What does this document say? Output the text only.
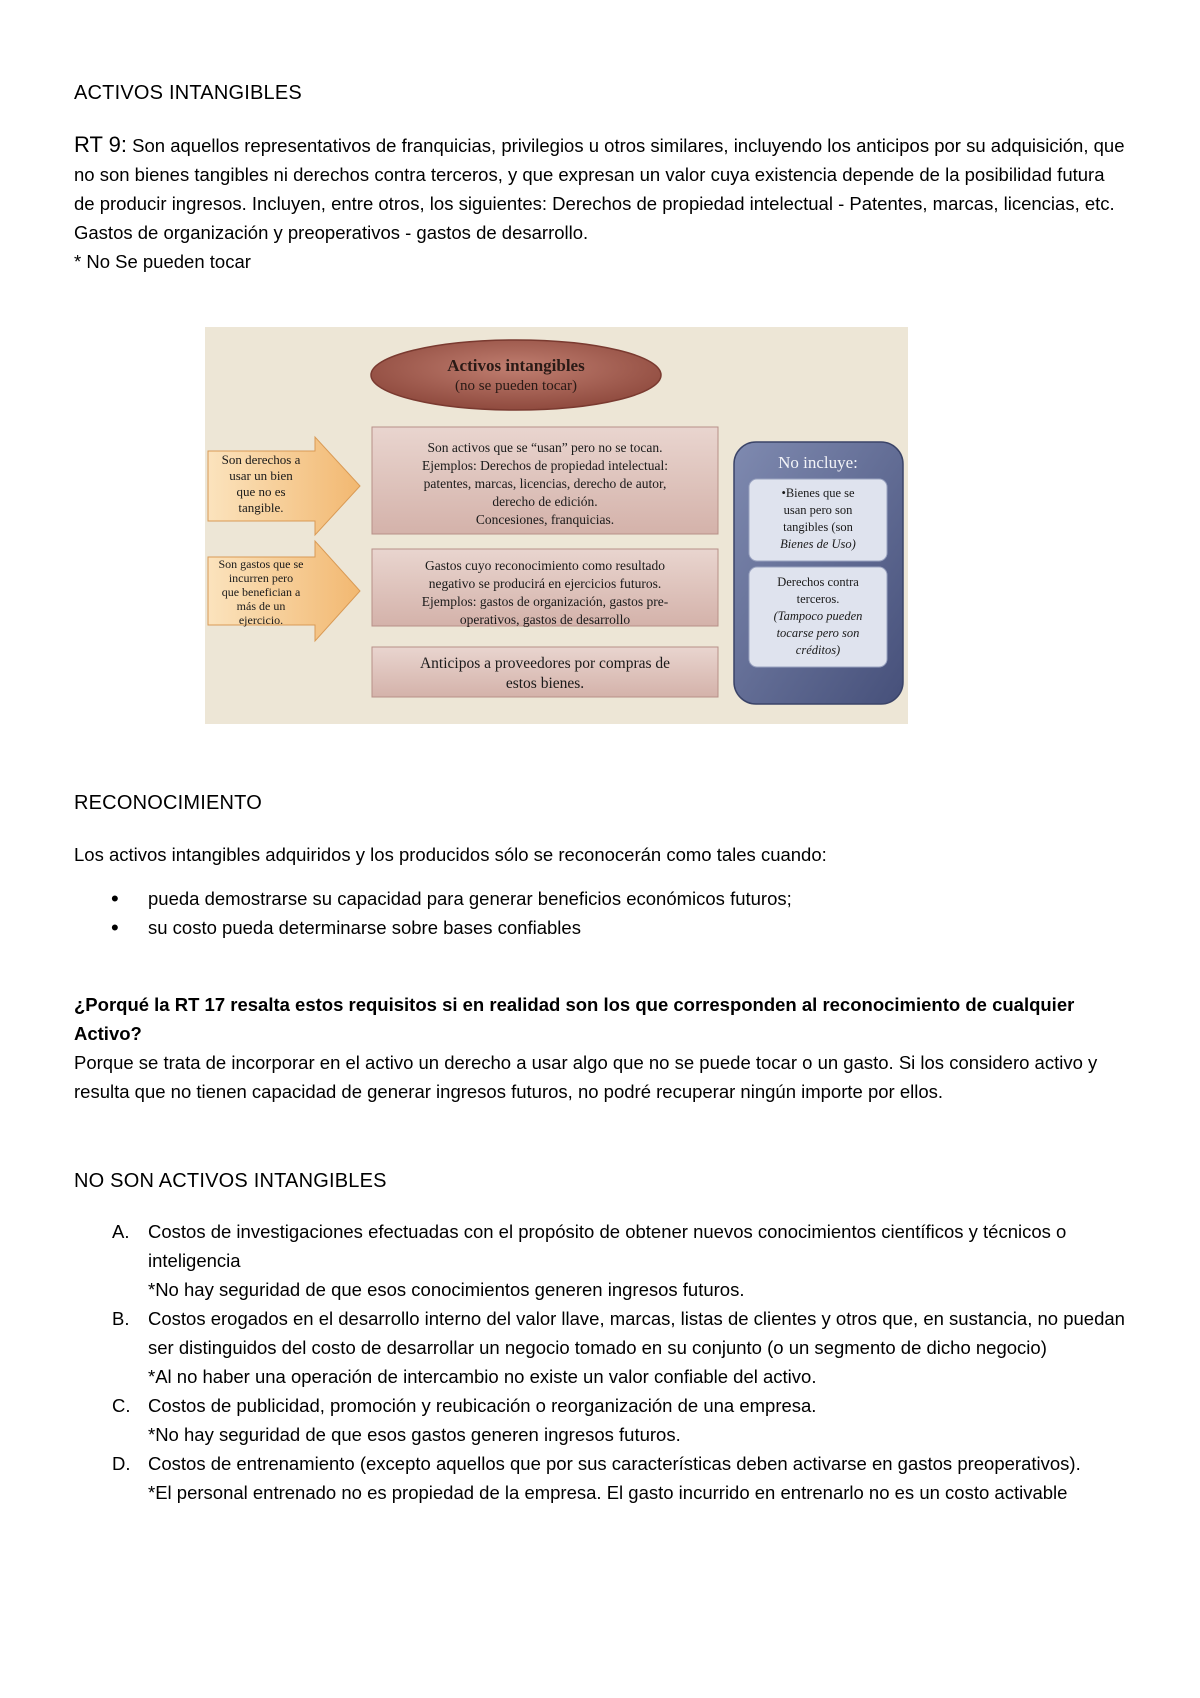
ACTIVOS INTANGIBLES

RT 9: Son aquellos representativos de franquicias, privilegios u otros similares, incluyendo los anticipos por su adquisición, que no son bienes tangibles ni derechos contra terceros, y que expresan un valor cuya existencia depende de la posibilidad futura de producir ingresos. Incluyen, entre otros, los siguientes: Derechos de propiedad intelectual - Patentes, marcas, licencias, etc. Gastos de organización y preoperativos - gastos de desarrollo.

* No Se pueden tocar

Activos intangibles
(no se pueden tocar)
Son derechos a
usar un bien
que no es
tangible.
Son gastos que se
incurren pero
que benefician a
más de un
ejercicio.
Son activos que se “usan” pero no se tocan.
Ejemplos: Derechos de propiedad intelectual:
patentes, marcas, licencias, derecho de autor,
derecho de edición.
Concesiones, franquicias.
Gastos cuyo reconocimiento como resultado
negativo se producirá en ejercicios futuros.
Ejemplos: gastos de organización, gastos pre-
operativos, gastos de desarrollo
Anticipos a proveedores por compras de
estos bienes.
No incluye:
•Bienes que se
usan pero son
tangibles (son
Bienes de Uso)
Derechos contra
terceros.
(Tampoco pueden
tocarse pero son
créditos)
RECONOCIMIENTO

Los activos intangibles adquiridos y los producidos sólo se reconocerán como tales cuando:

• pueda demostrarse su capacidad para generar beneficios económicos futuros;
• su costo pueda determinarse sobre bases confiables

¿Porqué la RT 17 resalta estos requisitos si en realidad son los que corresponden al reconocimiento de cualquier Activo?

Porque se trata de incorporar en el activo un derecho a usar algo que no se puede tocar o un gasto. Si los considero activo y resulta que no tienen capacidad de generar ingresos futuros, no podré recuperar ningún importe por ellos.

NO SON ACTIVOS INTANGIBLES
A. Costos de investigaciones efectuadas con el propósito de obtener nuevos conocimientos científicos y técnicos o inteligencia
*No hay seguridad de que esos conocimientos generen ingresos futuros.
B. Costos erogados en el desarrollo interno del valor llave, marcas, listas de clientes y otros que, en sustancia, no puedan ser distinguidos del costo de desarrollar un negocio tomado en su conjunto (o un segmento de dicho negocio)
*Al no haber una operación de intercambio no existe un valor confiable del activo.
C. Costos de publicidad, promoción y reubicación o reorganización de una empresa.
*No hay seguridad de que esos gastos generen ingresos futuros.
D. Costos de entrenamiento (excepto aquellos que por sus características deben activarse en gastos preoperativos).
*El personal entrenado no es propiedad de la empresa. El gasto incurrido en entrenarlo no es un costo activable
